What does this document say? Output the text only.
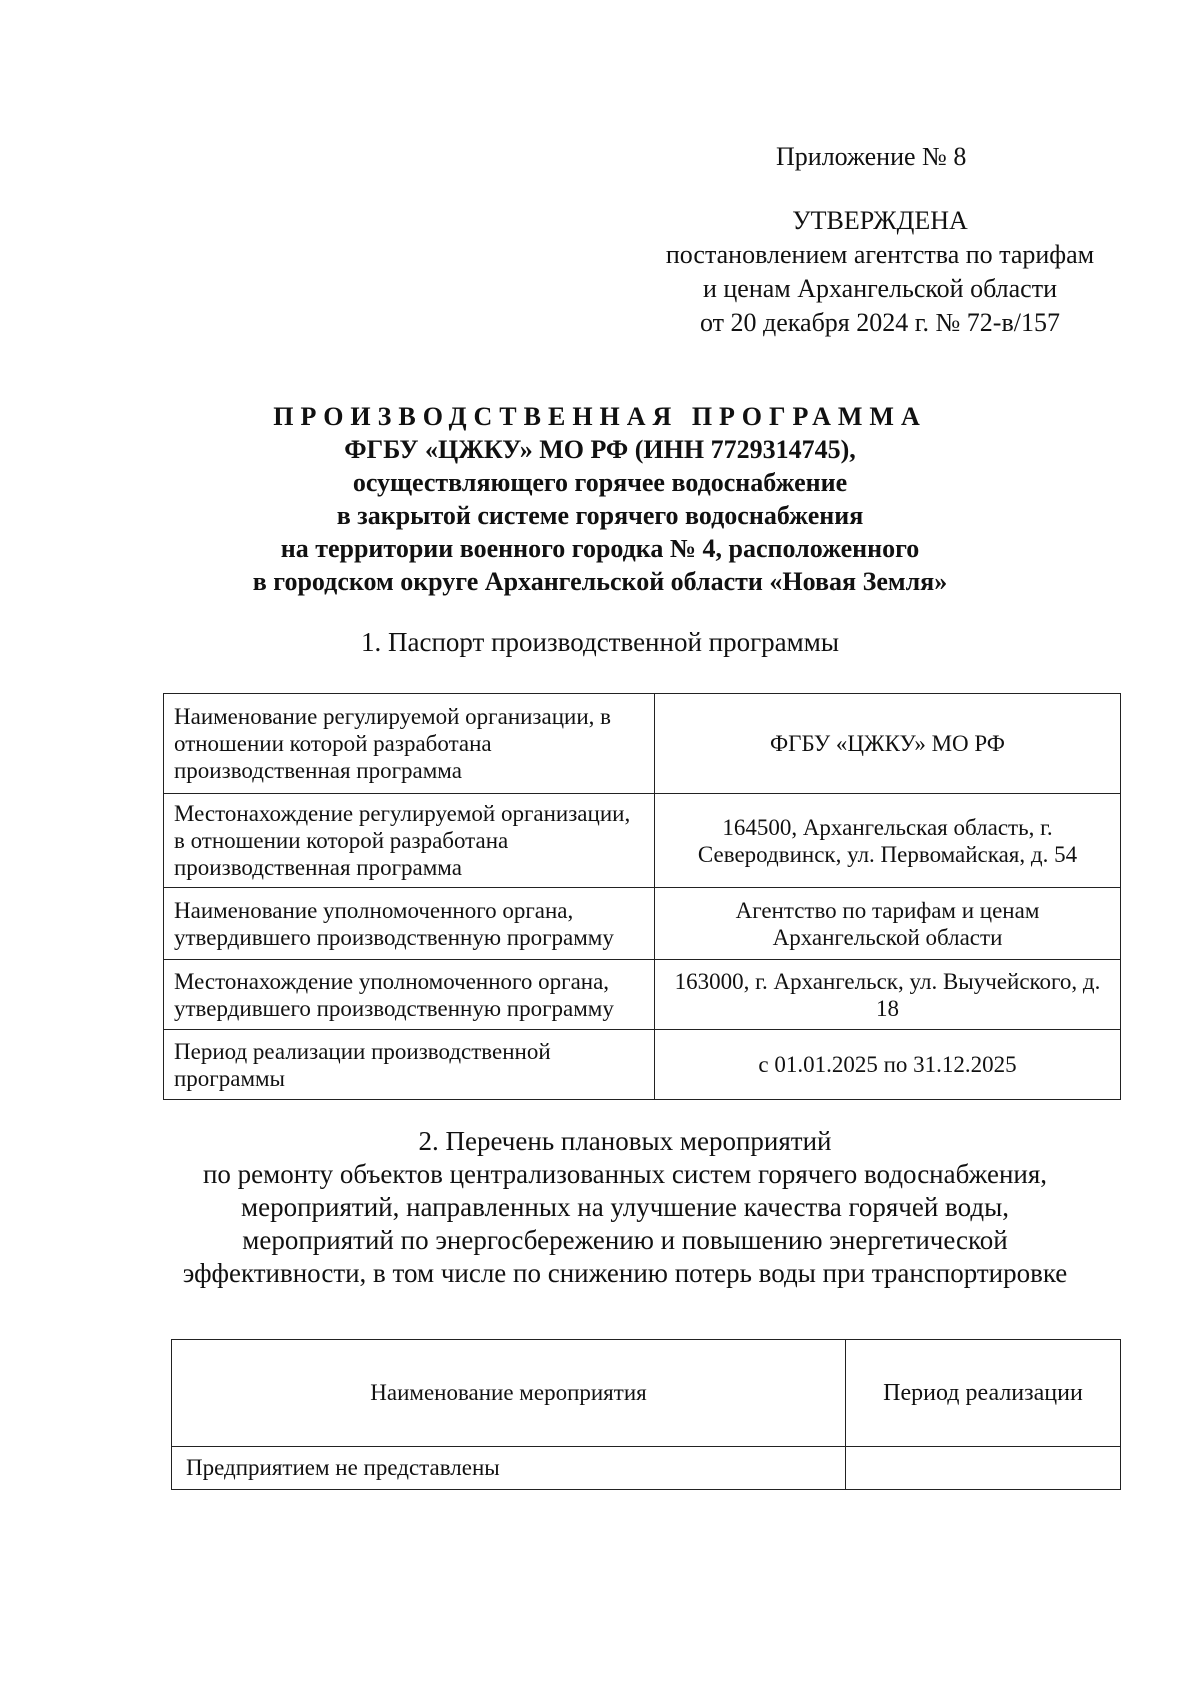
Приложение № 8
УТВЕРЖДЕНА
постановлением агентства по тарифам
и ценам Архангельской области
от 20 декабря 2024 г. № 72-в/157
ПРОИЗВОДСТВЕННАЯ ПРОГРАММА
ФГБУ «ЦЖКУ» МО РФ (ИНН 7729314745),
осуществляющего горячее водоснабжение
в закрытой системе горячего водоснабжения
на территории военного городка № 4, расположенного
в городском округе Архангельской области «Новая Земля»
1. Паспорт производственной программы
Наименование регулируемой организации, в отношении которой разработана производственная программа	ФГБУ «ЦЖКУ» МО РФ
Местонахождение регулируемой организации, в отношении которой разработана производственная программа	164500, Архангельская область, г. Северодвинск, ул. Первомайская, д. 54
Наименование уполномоченного органа, утвердившего производственную программу	Агентство по тарифам и ценам Архангельской области
Местонахождение уполномоченного органа, утвердившего производственную программу	163000, г. Архангельск, ул. Выучейского, д. 18
Период реализации производственной программы	с 01.01.2025 по 31.12.2025
2. Перечень плановых мероприятий
по ремонту объектов централизованных систем горячего водоснабжения,
мероприятий, направленных на улучшение качества горячей воды,
мероприятий по энергосбережению и повышению энергетической
эффективности, в том числе по снижению потерь воды при транспортировке
Наименование мероприятия	Период реализации
Предприятием не представлены	
